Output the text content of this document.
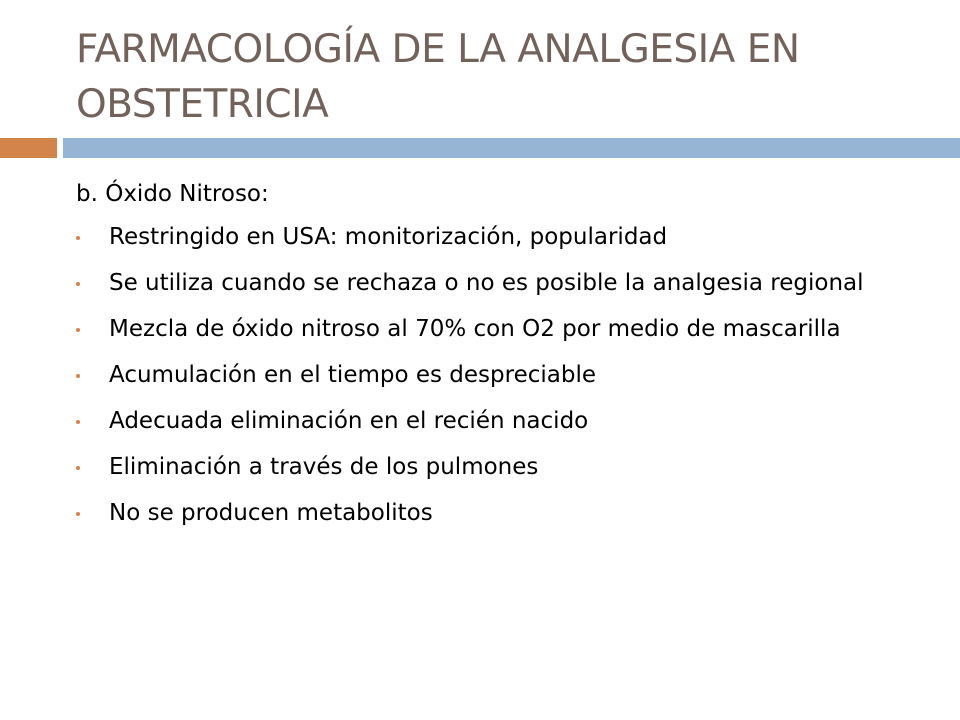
FARMACOLOGÍA DE LA ANALGESIA EN OBSTETRICIA
b. Óxido Nitroso:
Restringido en USA: monitorización, popularidad
Se utiliza cuando se rechaza o no es posible la analgesia regional
Mezcla de óxido nitroso al 70% con O2 por medio de mascarilla
Acumulación en el tiempo es despreciable
Adecuada eliminación en el recién nacido
Eliminación a través de los pulmones
No se producen metabolitos
